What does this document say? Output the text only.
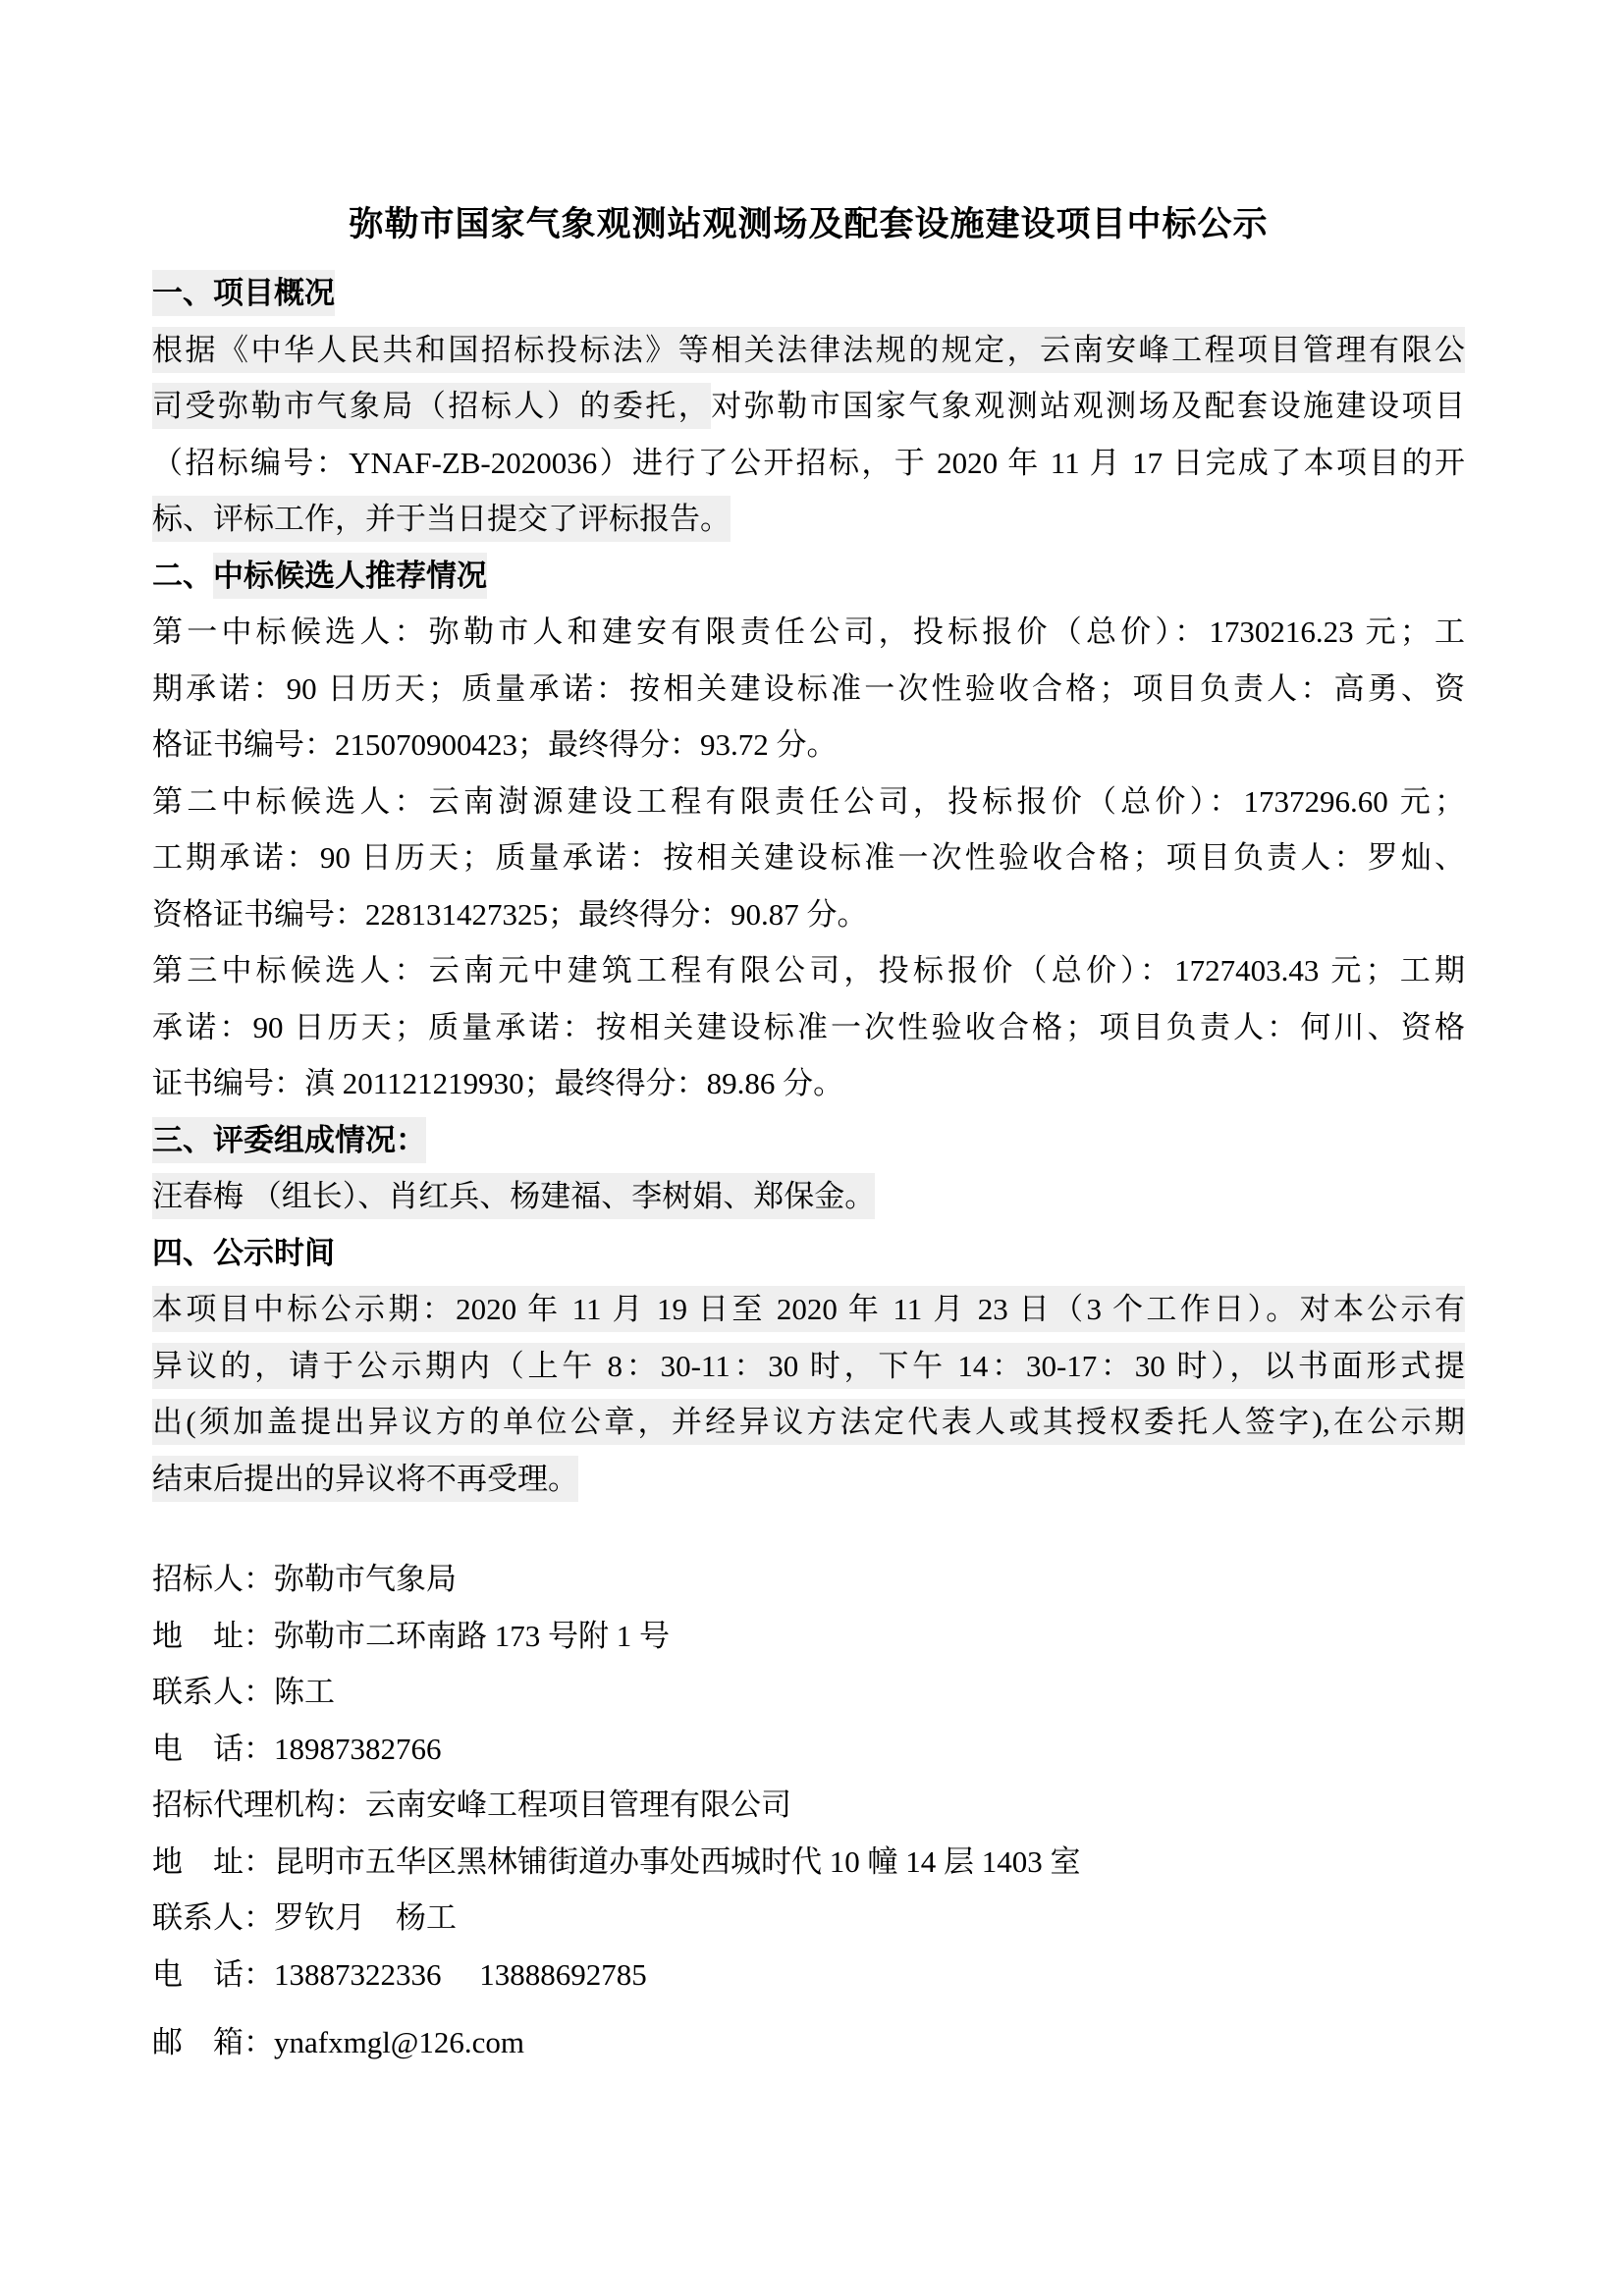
弥勒市国家气象观测站观测场及配套设施建设项目中标公示
一、项目概况
根据《中华人民共和国招标投标法》等相关法律法规的规定，云南安峰工程项目管理有限公
司受弥勒市气象局（招标人）的委托，对弥勒市国家气象观测站观测场及配套设施建设项目
（招标编号：YNAF-ZB-2020036）进行了公开招标，于 2020 年 11 月 17 日完成了本项目的开
标、评标工作，并于当日提交了评标报告。
二、中标候选人推荐情况
第一中标候选人：弥勒市人和建安有限责任公司，投标报价（总价）：1730216.23 元；工
期承诺：90 日历天；质量承诺：按相关建设标准一次性验收合格；项目负责人：高勇、资
格证书编号：215070900423；最终得分：93.72 分。
第二中标候选人：云南澍源建设工程有限责任公司，投标报价（总价）：1737296.60 元；
工期承诺：90 日历天；质量承诺：按相关建设标准一次性验收合格；项目负责人：罗灿、
资格证书编号：228131427325；最终得分：90.87 分。
第三中标候选人：云南元中建筑工程有限公司，投标报价（总价）：1727403.43 元；工期
承诺：90 日历天；质量承诺：按相关建设标准一次性验收合格；项目负责人：何川、资格
证书编号：滇 201121219930；最终得分：89.86 分。
三、评委组成情况：
汪春梅 （组长）、肖红兵、杨建福、李树娟、郑保金。
四、公示时间
本项目中标公示期：2020 年 11 月 19 日至 2020 年 11 月 23 日（3 个工作日）。对本公示有
异议的，请于公示期内（上午 8：30-11：30 时，下午 14：30-17：30 时），以书面形式提
出(须加盖提出异议方的单位公章，并经异议方法定代表人或其授权委托人签字),在公示期
结束后提出的异议将不再受理。
招标人：弥勒市气象局
地　址：弥勒市二环南路 173 号附 1 号
联系人：陈工
电　话：18987382766
招标代理机构：云南安峰工程项目管理有限公司
地　址：昆明市五华区黑林铺街道办事处西城时代 10 幢 14 层 1403 室
联系人：罗钦月　杨工
电　话：13887322336　 13888692785
邮　箱：ynafxmgl@126.com
